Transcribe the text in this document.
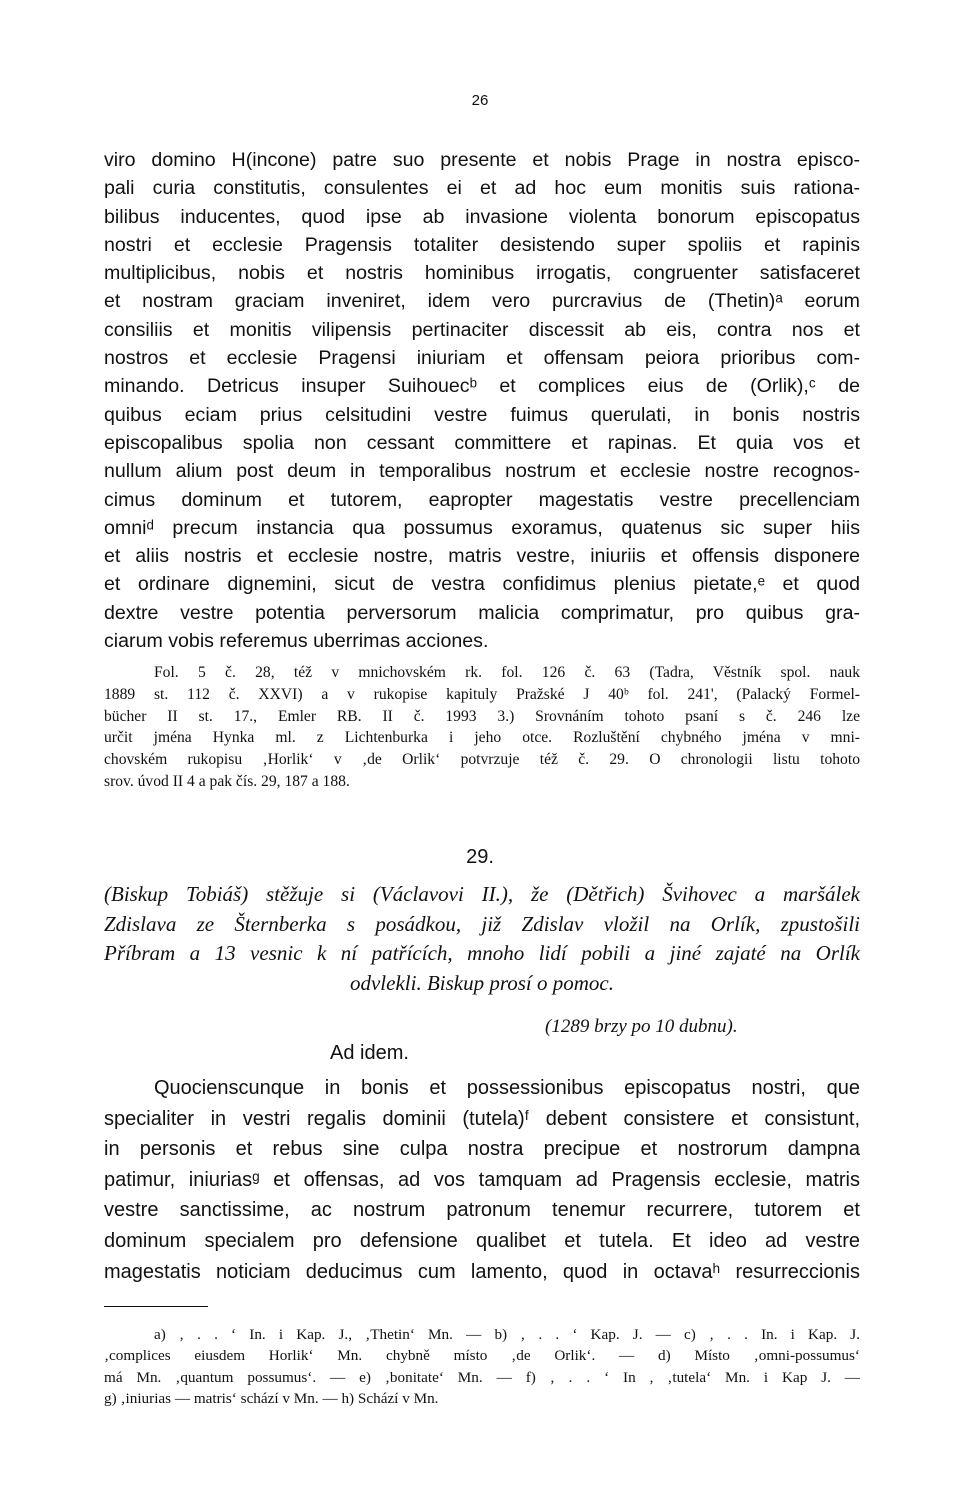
26
viro domino H(incone) patre suo presente et nobis Prage in nostra episco-
pali curia constitutis, consulentes ei et ad hoc eum monitis suis rationa-
bilibus inducentes, quod ipse ab invasione violenta bonorum episcopatus
nostri et ecclesie Pragensis totaliter desistendo super spoliis et rapinis
multiplicibus, nobis et nostris hominibus irrogatis, congruenter satisfaceret
et nostram graciam inveniret, idem vero purcravius de (Thetin)ᵃ eorum
consiliis et monitis vilipensis pertinaciter discessit ab eis, contra nos et
nostros et ecclesie Pragensi iniuriam et offensam peiora prioribus com-
minando. Detricus insuper Suihouecᵇ et complices eius de (Orlik),ᶜ de
quibus eciam prius celsitudini vestre fuimus querulati, in bonis nostris
episcopalibus spolia non cessant committere et rapinas. Et quia vos et
nullum alium post deum in temporalibus nostrum et ecclesie nostre recognos-
cimus dominum et tutorem, eapropter magestatis vestre precellenciam
omniᵈ precum instancia qua possumus exoramus, quatenus sic super hiis
et aliis nostris et ecclesie nostre, matris vestre, iniuriis et offensis disponere
et ordinare dignemini, sicut de vestra confidimus plenius pietate,ᵉ et quod
dextre vestre potentia perversorum malicia comprimatur, pro quibus gra-
ciarum vobis referemus uberrimas acciones.
Fol. 5 č. 28, též v mnichovském rk. fol. 126 č. 63 (Tadra, Věstník spol. nauk
1889 st. 112 č. XXVI) a v rukopise kapituly Pražské J 40ᵇ fol. 241', (Palacký Formel-
bücher II st. 17., Emler RB. II č. 1993 3.) Srovnáním tohoto psaní s č. 246 lze
určit jména Hynka ml. z Lichtenburka i jeho otce. Rozluštění chybného jména v mni-
chovském rukopisu ‚Horlik‘ v ‚de Orlik‘ potvrzuje též č. 29. O chronologii listu tohoto
srov. úvod II 4 a pak čís. 29, 187 a 188.
29.
(Biskup Tobiáš) stěžuje si (Václavovi II.), že (Dětřich) Švihovec a maršálek
Zdislava ze Šternberka s posádkou, již Zdislav vložil na Orlík, zpustošili
Příbram a 13 vesnic k ní patřících, mnoho lidí pobili a jiné zajaté na Orlík
odvlekli. Biskup prosí o pomoc.
(1289 brzy po 10 dubnu).
Ad idem.
Quocienscunque in bonis et possessionibus episcopatus nostri, que
specialiter in vestri regalis dominii (tutela)ᶠ debent consistere et consistunt,
in personis et rebus sine culpa nostra precipue et nostrorum dampna
patimur, iniuriasᵍ et offensas, ad vos tamquam ad Pragensis ecclesie, matris
vestre sanctissime, ac nostrum patronum tenemur recurrere, tutorem et
dominum specialem pro defensione qualibet et tutela. Et ideo ad vestre
magestatis noticiam deducimus cum lamento, quod in octavaʰ resurreccionis
a) ‚ . . ‘ In. i Kap. J., ‚Thetin‘ Mn. — b) ‚ . . ‘ Kap. J. — c) ‚ . . In. i Kap. J.
‚complices eiusdem Horlik‘ Mn. chybně místo ‚de Orlik‘. — d) Místo ‚omni-possumus‘
má Mn. ‚quantum possumus‘. — e) ‚bonitate‘ Mn. — f) ‚ . . ‘ In , ‚tutela‘ Mn. i Kap J. —
g) ‚iniurias — matris‘ schází v Mn. — h) Schází v Mn.
